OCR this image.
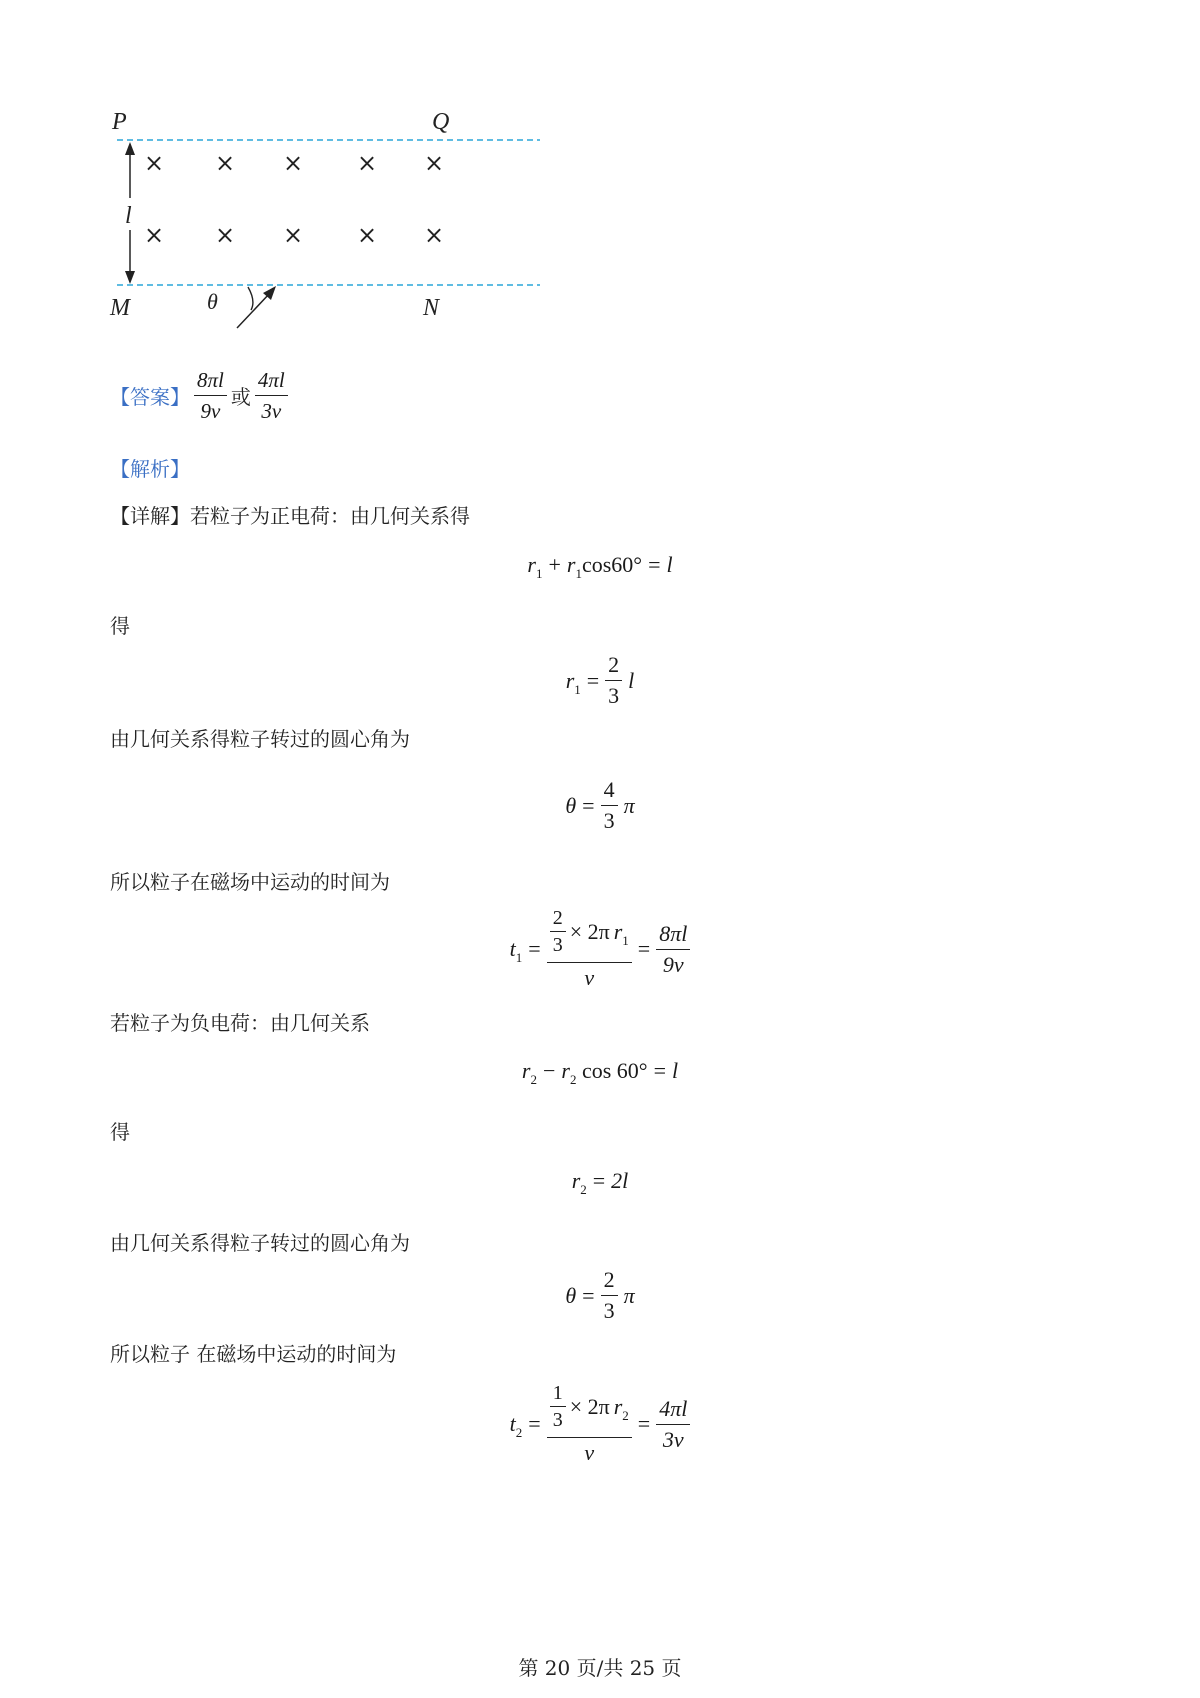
P	Q
l
M	θ	N
× × × × ×
× × × × ×
【答案】 $\frac{8\pi l}{9v}$ 或 $\frac{4\pi l}{3v}$
【解析】
【详解】若粒子为正电荷：由几何关系得
$r_1 + r_1\cos 60^\circ = l$
得
$r_1 = \frac{2}{3}$ l
由几何关系得粒子转过的圆心角为
$\theta = \frac{4}{3}$ π
所以粒子在磁场中运动的时间为
$t_1 = \frac{\frac{2}{3} \times 2\pi r_1}{v} = \frac{8\pi l}{9v}$
若粒子为负电荷：由几何关系
$r_2 - r_2$ cos 60° = l
得
$r_2 = 2l$
由几何关系得粒子转过的圆心角为
$\theta = \frac{2}{3}$ π
所以粒子 在磁场中运动的时间为
$t_2 = \frac{\frac{1}{3} \times 2\pi r_2}{v} = \frac{4\pi l}{3v}$
第 20 页/共 25 页
